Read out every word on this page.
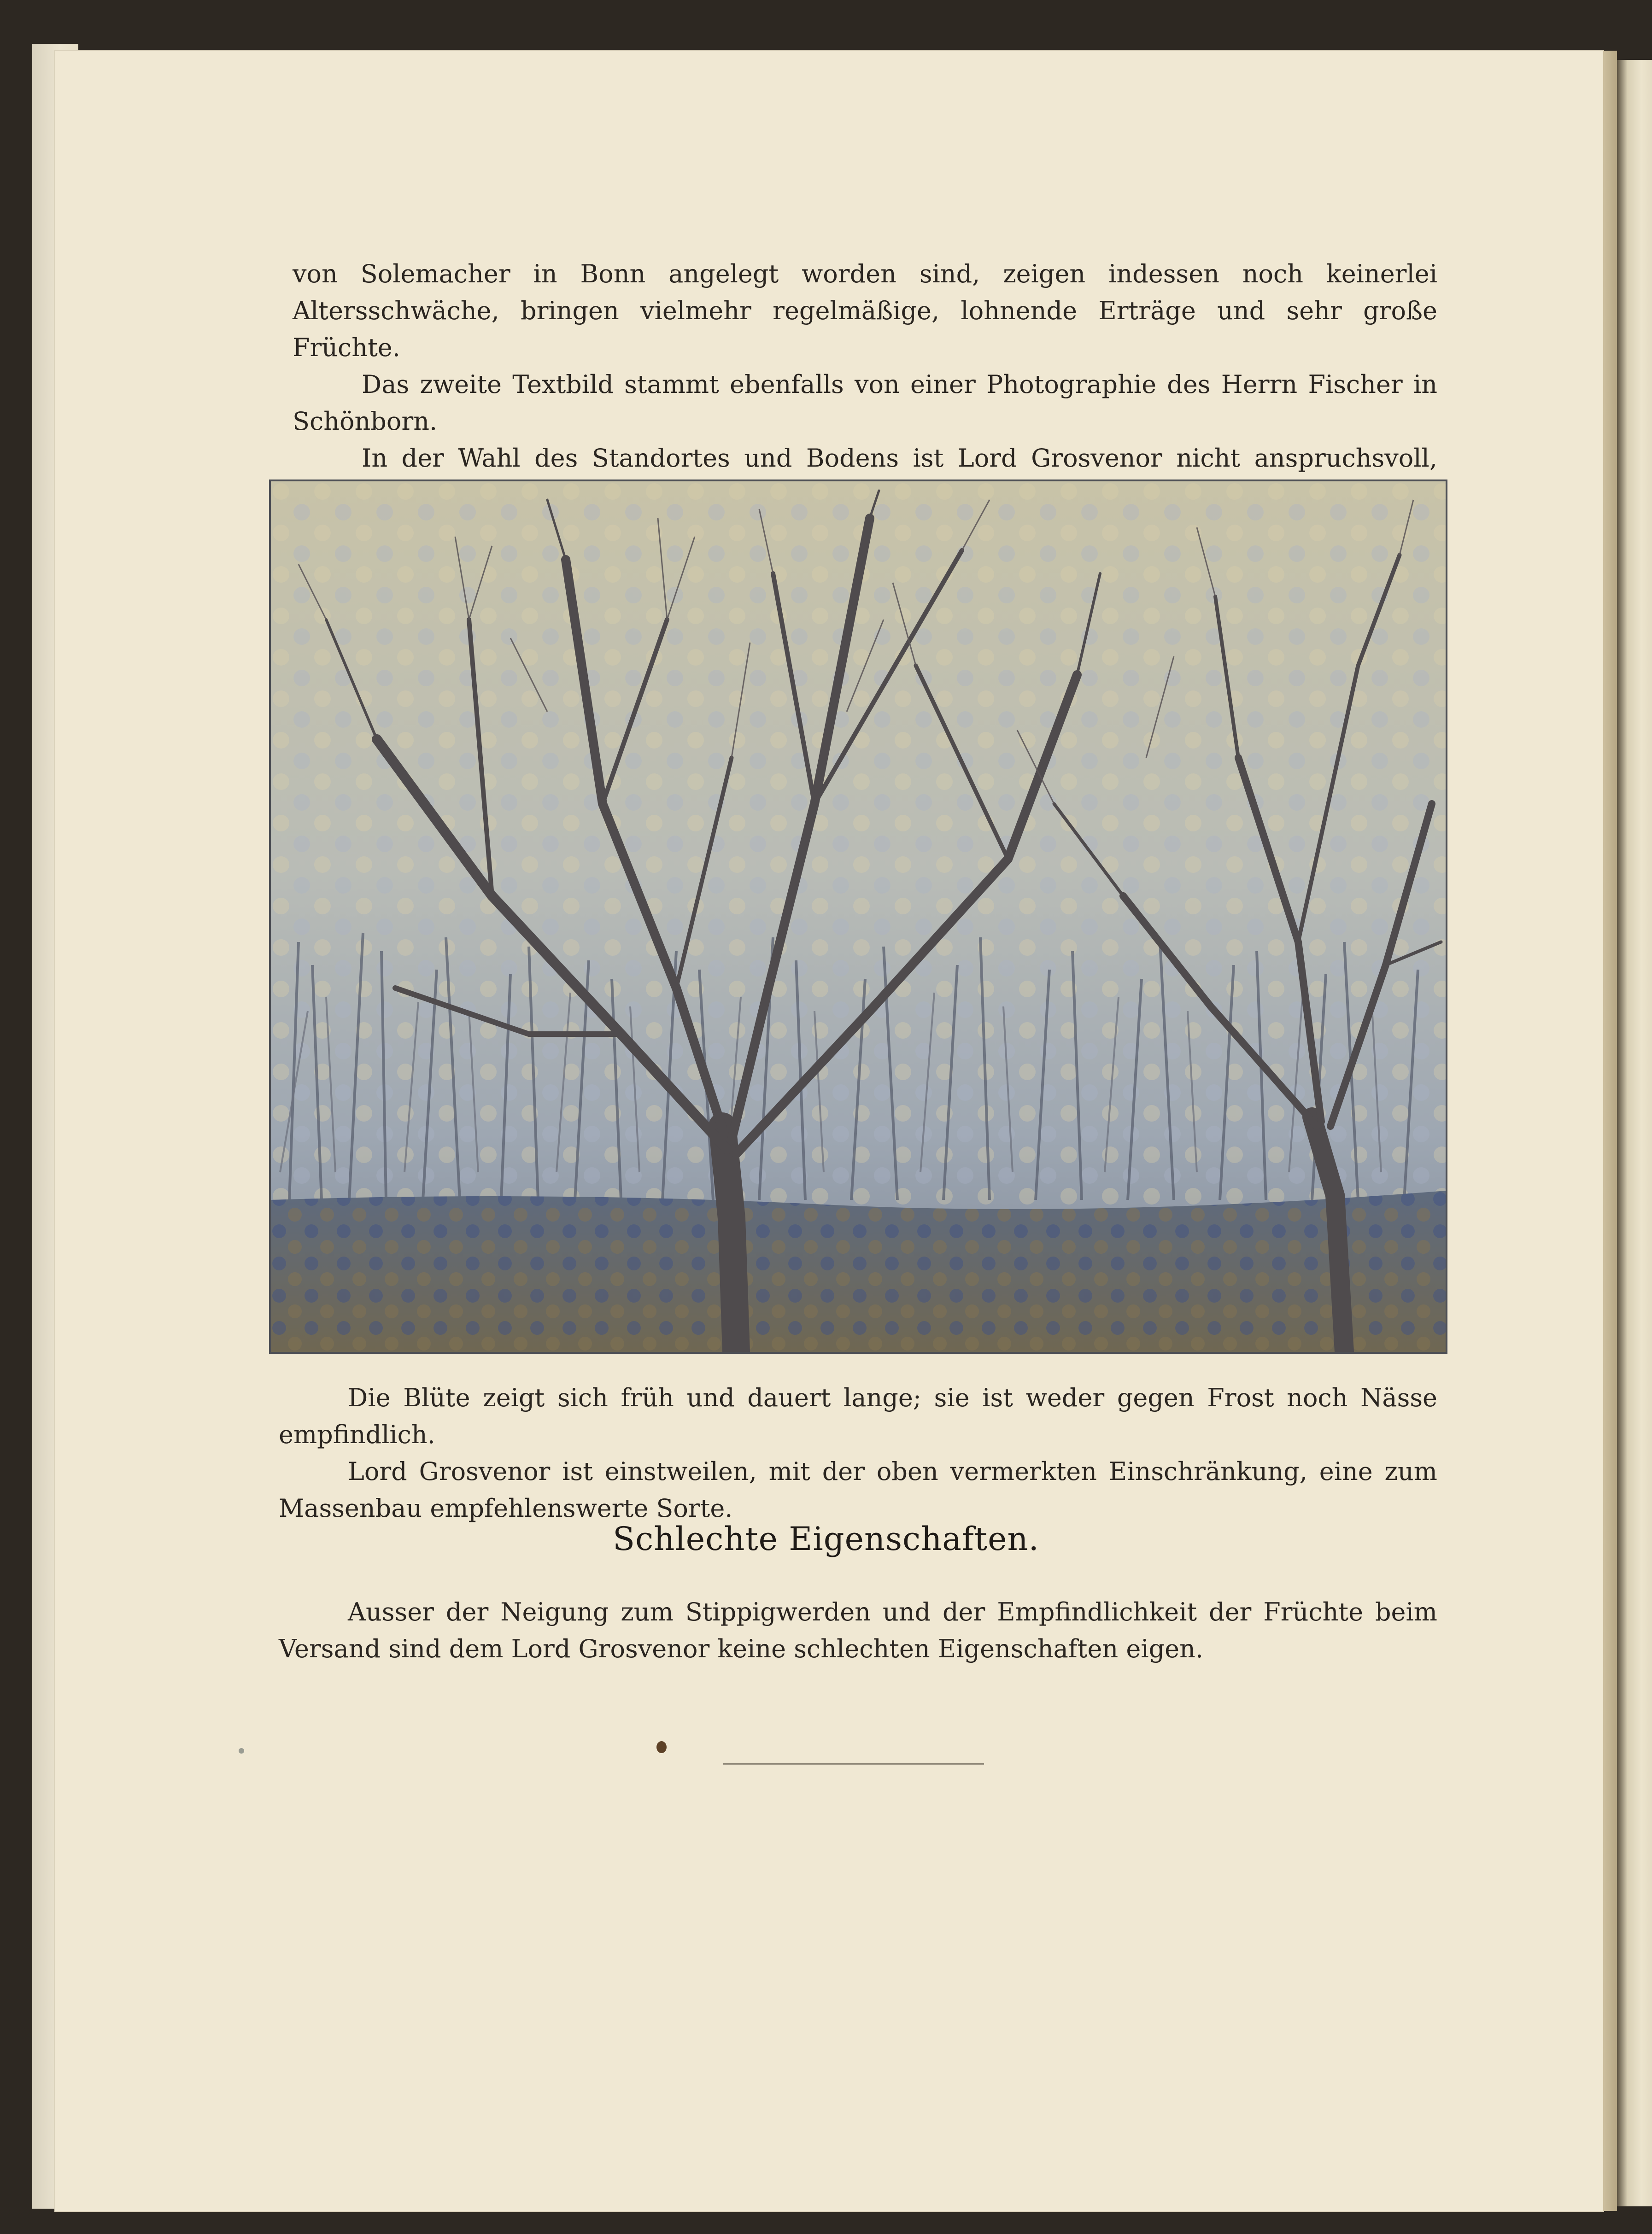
von Solemacher in Bonn angelegt worden sind, zeigen indessen noch keinerlei Altersschwäche, bringen vielmehr regelmäßige, lohnende Erträge und sehr große Früchte.

Das zweite Textbild stammt ebenfalls von einer Photographie des Herrn Fischer in Schönborn.

In der Wahl des Standortes und Bodens ist Lord Grosvenor nicht anspruchsvoll,

Die Blüte zeigt sich früh und dauert lange; sie ist weder gegen Frost noch Nässe empfindlich.

Lord Grosvenor ist einstweilen, mit der oben vermerkten Einschränkung, eine zum Massenbau empfehlenswerte Sorte.

Schlechte Eigenschaften.

Ausser der Neigung zum Stippigwerden und der Empfindlichkeit der Früchte beim Versand sind dem Lord Grosvenor keine schlechten Eigenschaften eigen.
